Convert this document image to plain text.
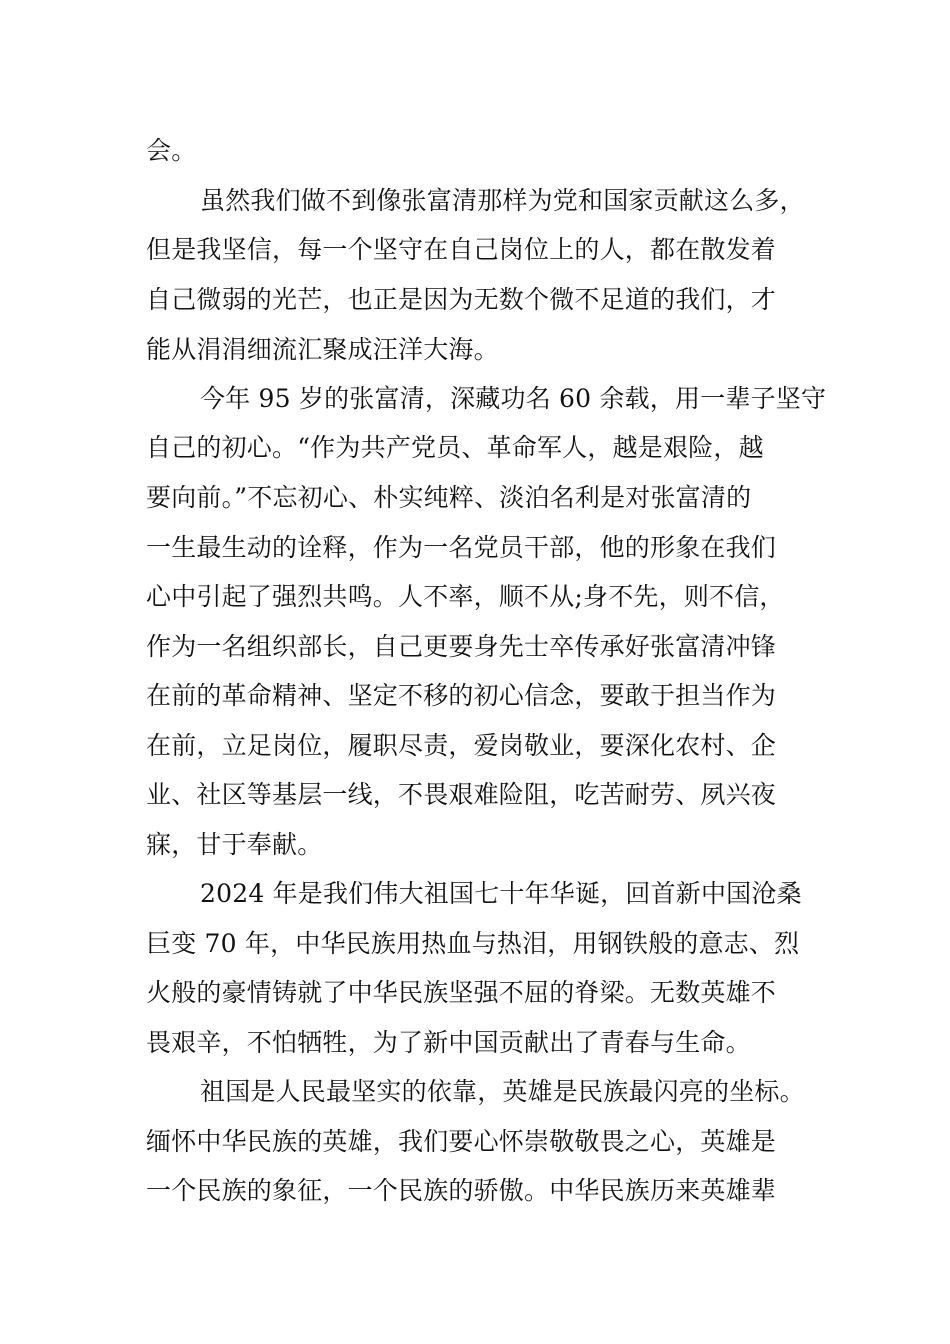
会。
虽然我们做不到像张富清那样为党和国家贡献这么多，
但是我坚信，每一个坚守在自己岗位上的人，都在散发着
自己微弱的光芒，也正是因为无数个微不足道的我们，才
能从涓涓细流汇聚成汪洋大海。
今年 95 岁的张富清，深藏功名 60 余载，用一辈子坚守
自己的初心。“作为共产党员、革命军人，越是艰险，越
要向前。”不忘初心、朴实纯粹、淡泊名利是对张富清的
一生最生动的诠释，作为一名党员干部，他的形象在我们
心中引起了强烈共鸣。人不率，顺不从;身不先，则不信，
作为一名组织部长，自己更要身先士卒传承好张富清冲锋
在前的革命精神、坚定不移的初心信念，要敢于担当作为
在前，立足岗位，履职尽责，爱岗敬业，要深化农村、企
业、社区等基层一线，不畏艰难险阻，吃苦耐劳、夙兴夜
寐，甘于奉献。
2024 年是我们伟大祖国七十年华诞，回首新中国沧桑
巨变 70 年，中华民族用热血与热泪，用钢铁般的意志、烈
火般的豪情铸就了中华民族坚强不屈的脊梁。无数英雄不
畏艰辛，不怕牺牲，为了新中国贡献出了青春与生命。
祖国是人民最坚实的依靠，英雄是民族最闪亮的坐标。
缅怀中华民族的英雄，我们要心怀崇敬敬畏之心，英雄是
一个民族的象征，一个民族的骄傲。中华民族历来英雄辈
